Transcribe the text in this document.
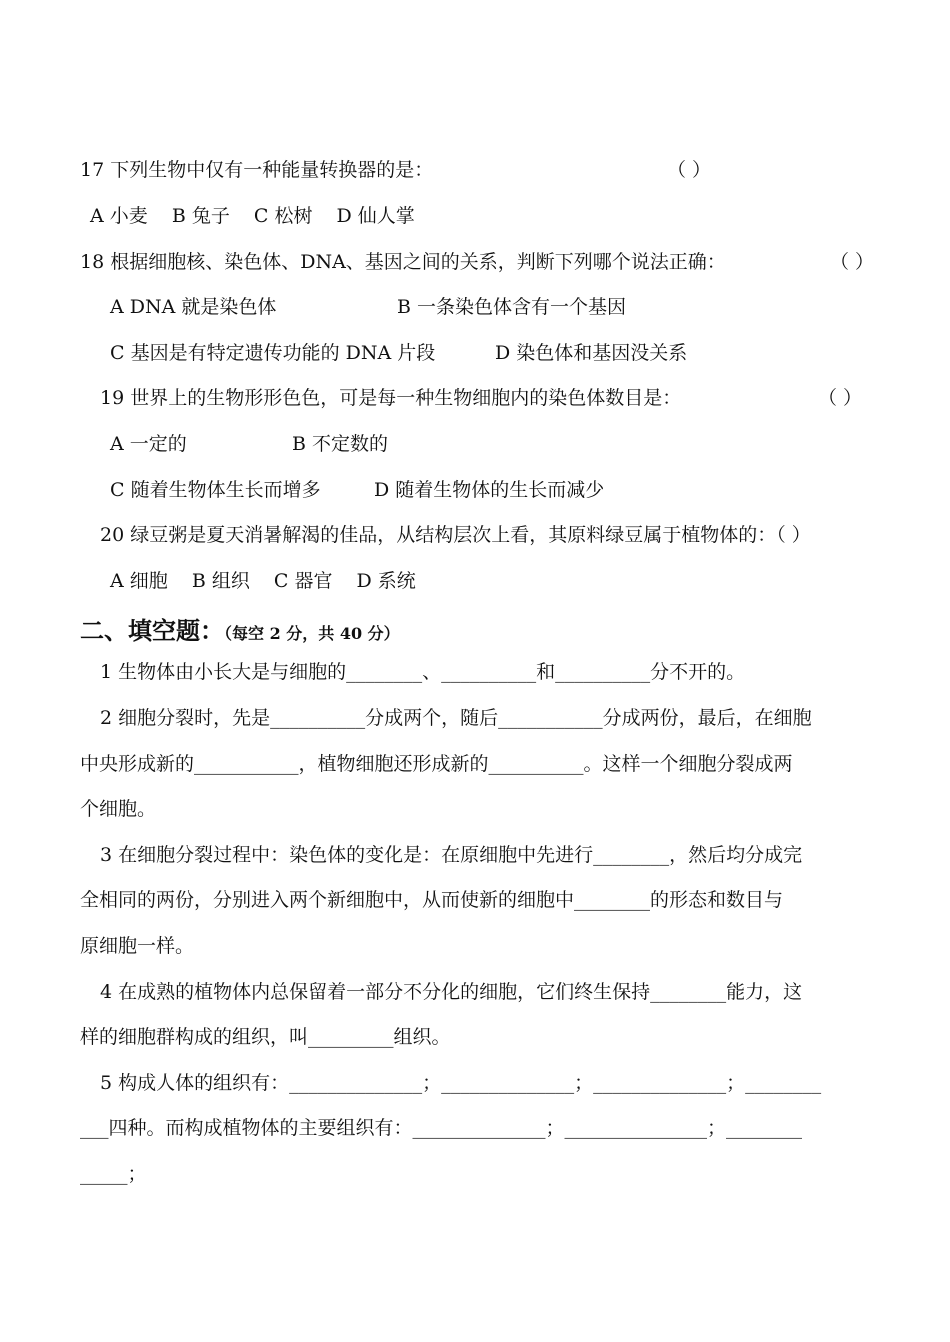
17 下列生物中仅有一种能量转换器的是：	（ ）
A 小麦 B 兔子 C 松树 D 仙人掌
18 根据细胞核、染色体、DNA、基因之间的关系，判断下列哪个说法正确：	（ ）
A DNA 就是染色体	B 一条染色体含有一个基因
C 基因是有特定遗传功能的 DNA 片段	D 染色体和基因没关系
19 世界上的生物形形色色，可是每一种生物细胞内的染色体数目是：	（ ）
A 一定的	B 不定数的
C 随着生物体生长而增多	D 随着生物体的生长而减少
20 绿豆粥是夏天消暑解渴的佳品，从结构层次上看，其原料绿豆属于植物体的：（ ）
A 细胞 B 组织 C 器官 D 系统
二、填空题：（每空 2 分，共 40 分）
1 生物体由小长大是与细胞的________、__________和__________分不开的。
2 细胞分裂时，先是__________分成两个，随后___________分成两份，最后，在细胞
中央形成新的___________，植物细胞还形成新的__________。这样一个细胞分裂成两
个细胞。
3 在细胞分裂过程中：染色体的变化是：在原细胞中先进行________，然后均分成完
全相同的两份，分别进入两个新细胞中，从而使新的细胞中________的形态和数目与
原细胞一样。
4 在成熟的植物体内总保留着一部分不分化的细胞，它们终生保持________能力，这
样的细胞群构成的组织，叫_________组织。
5 构成人体的组织有：______________；______________；______________；________
___四种。而构成植物体的主要组织有：______________；_______________；________
_____；
